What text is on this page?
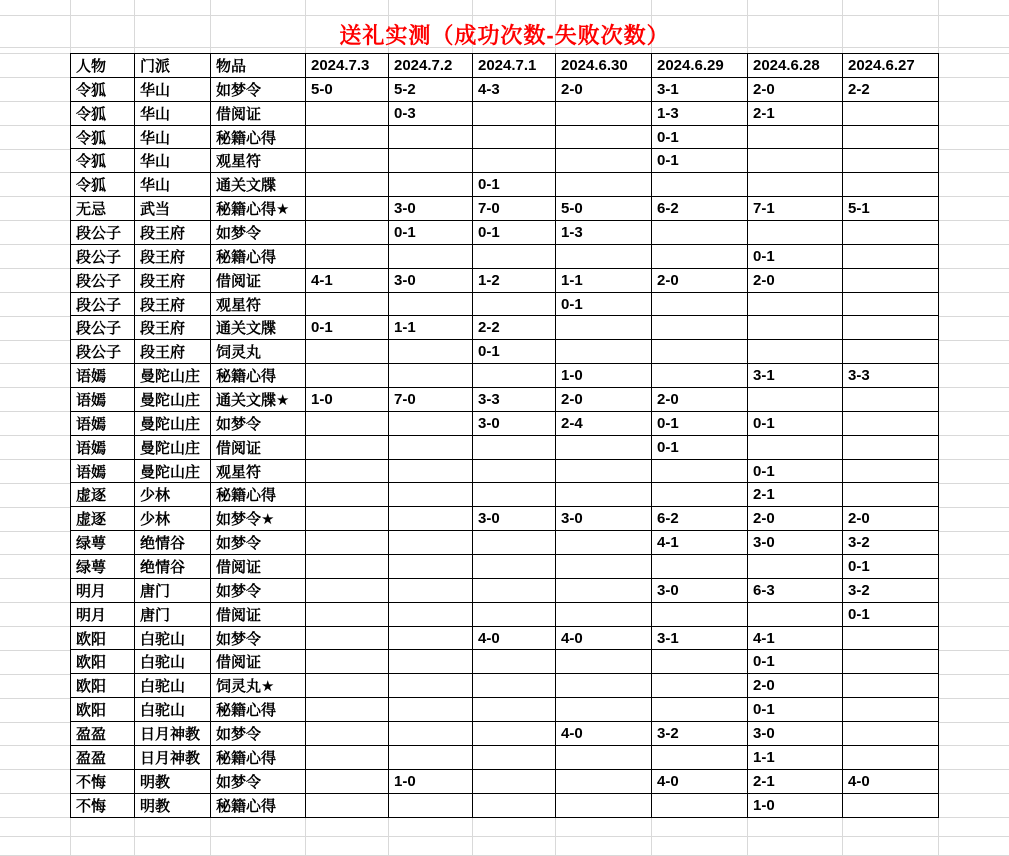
送礼实测（成功次数-失败次数）
人物	门派	物品	2024.7.3	2024.7.2	2024.7.1	2024.6.30	2024.6.29	2024.6.28	2024.6.27
令狐	华山	如梦令	5-0	5-2	4-3	2-0	3-1	2-0	2-2
令狐	华山	借阅证		0-3			1-3	2-1	
令狐	华山	秘籍心得					0-1		
令狐	华山	观星符					0-1		
令狐	华山	通关文牒			0-1				
无忌	武当	秘籍心得★		3-0	7-0	5-0	6-2	7-1	5-1
段公子	段王府	如梦令		0-1	0-1	1-3			
段公子	段王府	秘籍心得						0-1	
段公子	段王府	借阅证	4-1	3-0	1-2	1-1	2-0	2-0	
段公子	段王府	观星符				0-1			
段公子	段王府	通关文牒	0-1	1-1	2-2				
段公子	段王府	饲灵丸			0-1				
语嫣	曼陀山庄	秘籍心得				1-0		3-1	3-3
语嫣	曼陀山庄	通关文牒★	1-0	7-0	3-3	2-0	2-0		
语嫣	曼陀山庄	如梦令			3-0	2-4	0-1	0-1	
语嫣	曼陀山庄	借阅证					0-1		
语嫣	曼陀山庄	观星符						0-1	
虚逐	少林	秘籍心得						2-1	
虚逐	少林	如梦令★			3-0	3-0	6-2	2-0	2-0
绿萼	绝情谷	如梦令					4-1	3-0	3-2
绿萼	绝情谷	借阅证							0-1
明月	唐门	如梦令					3-0	6-3	3-2
明月	唐门	借阅证							0-1
欧阳	白驼山	如梦令			4-0	4-0	3-1	4-1	
欧阳	白驼山	借阅证						0-1	
欧阳	白驼山	饲灵丸★						2-0	
欧阳	白驼山	秘籍心得						0-1	
盈盈	日月神教	如梦令				4-0	3-2	3-0	
盈盈	日月神教	秘籍心得						1-1	
不悔	明教	如梦令		1-0			4-0	2-1	4-0
不悔	明教	秘籍心得						1-0	
